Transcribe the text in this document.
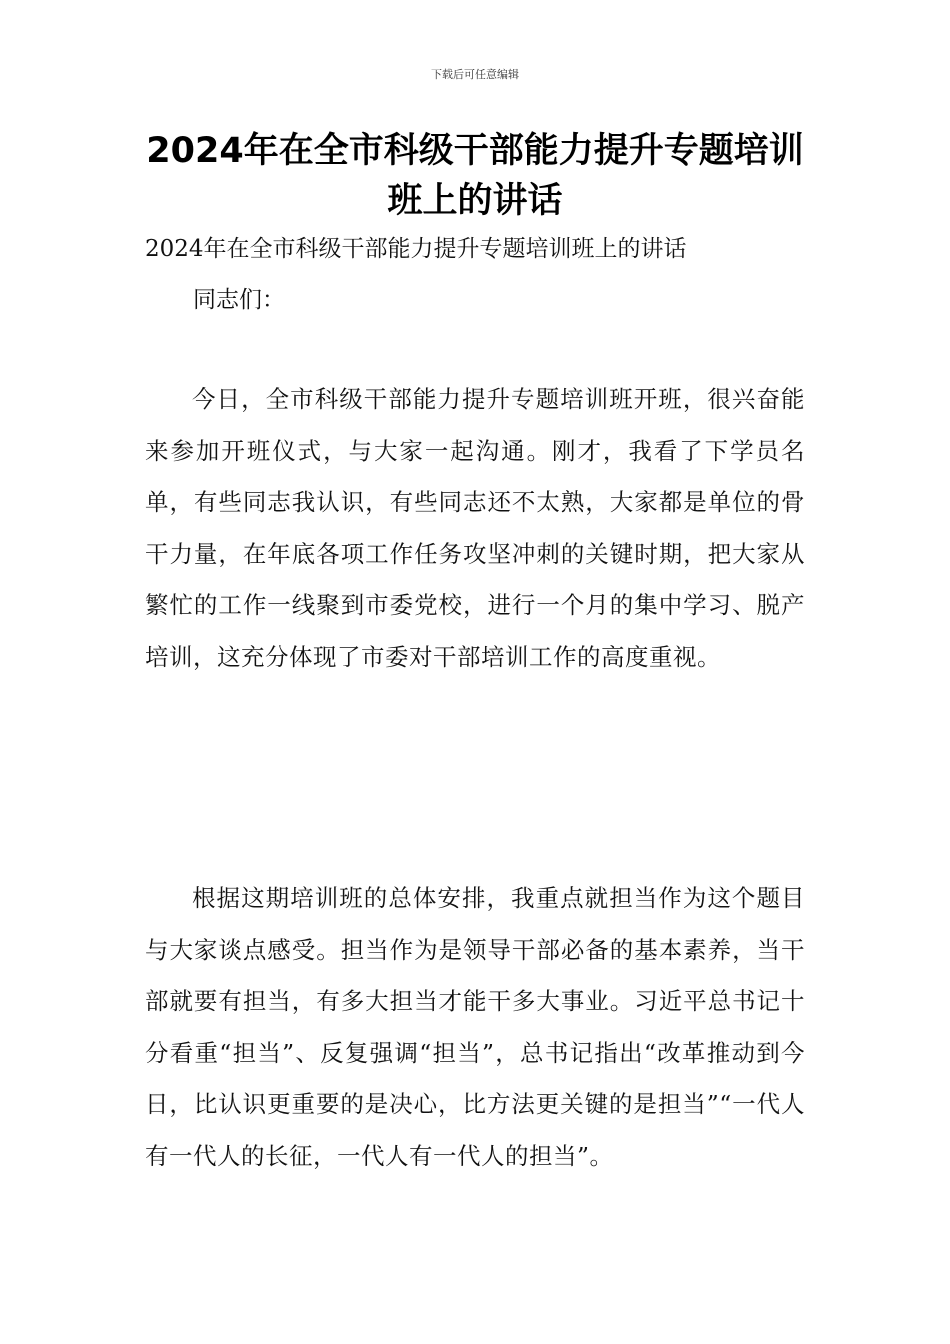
下载后可任意编辑
2024年在全市科级干部能力提升专题培训班上的讲话

2024年在全市科级干部能力提升专题培训班上的讲话

同志们：

今日，全市科级干部能力提升专题培训班开班，很兴奋能来参加开班仪式，与大家一起沟通。刚才，我看了下学员名单，有些同志我认识，有些同志还不太熟，大家都是单位的骨干力量，在年底各项工作任务攻坚冲刺的关键时期，把大家从繁忙的工作一线聚到市委党校，进行一个月的集中学习、脱产培训，这充分体现了市委对干部培训工作的高度重视。

根据这期培训班的总体安排，我重点就担当作为这个题目与大家谈点感受。担当作为是领导干部必备的基本素养，当干部就要有担当，有多大担当才能干多大事业。习近平总书记十分看重“担当”、反复强调“担当”，总书记指出“改革推动到今日，比认识更重要的是决心，比方法更关键的是担当”“一代人有一代人的长征，一代人有一代人的担当”。
